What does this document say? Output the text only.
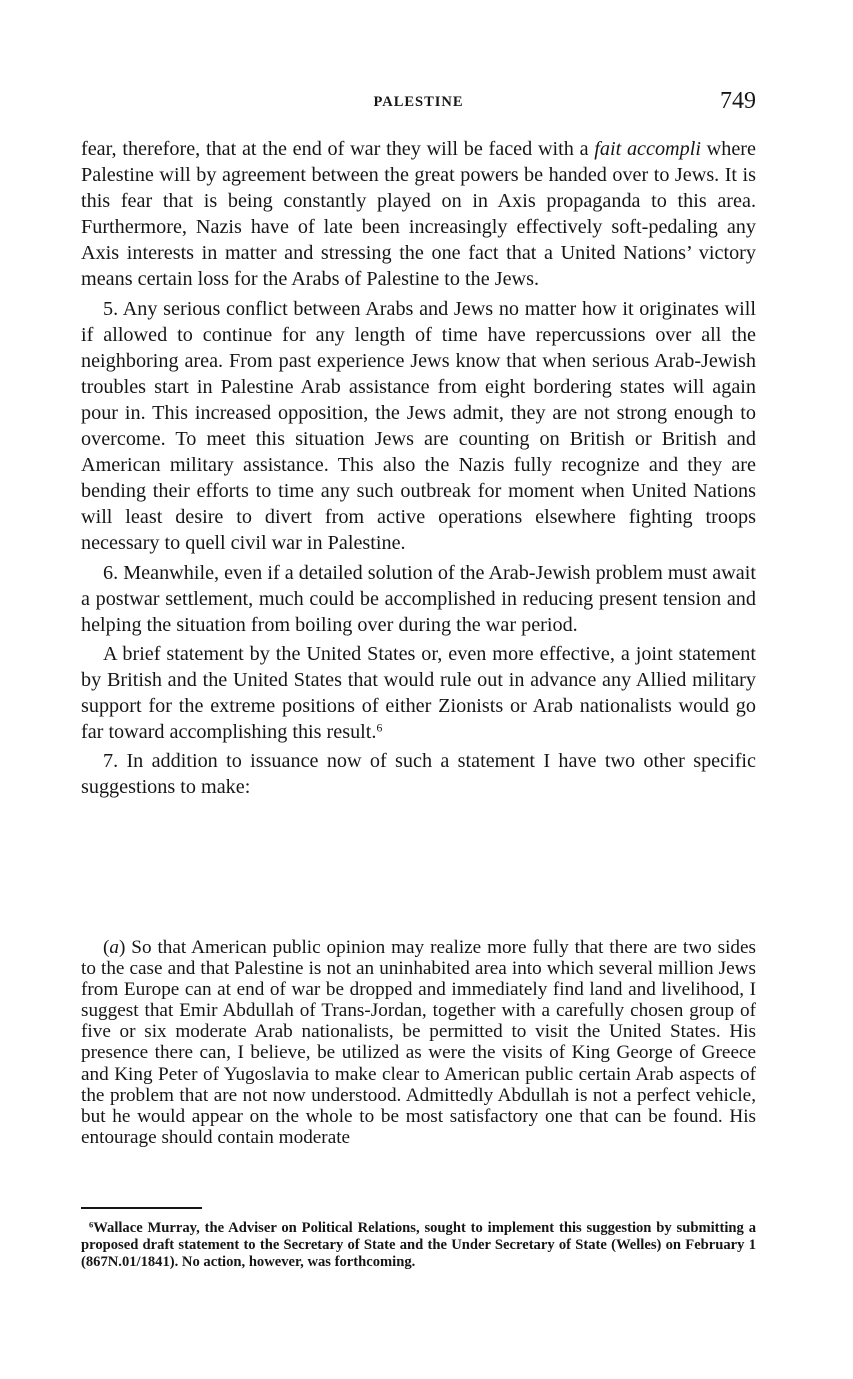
PALESTINE	749

fear, therefore, that at the end of war they will be faced with a fait accompli where Palestine will by agreement between the great powers be handed over to Jews. It is this fear that is being constantly played on in Axis propaganda to this area. Furthermore, Nazis have of late been increasingly effectively soft-pedaling any Axis interests in matter and stressing the one fact that a United Nations’ victory means certain loss for the Arabs of Palestine to the Jews.

5. Any serious conflict between Arabs and Jews no matter how it originates will if allowed to continue for any length of time have repercussions over all the neighboring area. From past experience Jews know that when serious Arab-Jewish troubles start in Palestine Arab assistance from eight bordering states will again pour in. This increased opposition, the Jews admit, they are not strong enough to overcome. To meet this situation Jews are counting on British or British and American military assistance. This also the Nazis fully recognize and they are bending their efforts to time any such outbreak for moment when United Nations will least desire to divert from active operations elsewhere fighting troops necessary to quell civil war in Palestine.

6. Meanwhile, even if a detailed solution of the Arab-Jewish problem must await a postwar settlement, much could be accomplished in reducing present tension and helping the situation from boiling over during the war period.

A brief statement by the United States or, even more effective, a joint statement by British and the United States that would rule out in advance any Allied military support for the extreme positions of either Zionists or Arab nationalists would go far toward accomplishing this result.$^6$

7. In addition to issuance now of such a statement I have two other specific suggestions to make:

(a) So that American public opinion may realize more fully that there are two sides to the case and that Palestine is not an uninhabited area into which several million Jews from Europe can at end of war be dropped and immediately find land and livelihood, I suggest that Emir Abdullah of Trans-Jordan, together with a carefully chosen group of five or six moderate Arab nationalists, be permitted to visit the United States. His presence there can, I believe, be utilized as were the visits of King George of Greece and King Peter of Yugoslavia to make clear to American public certain Arab aspects of the problem that are not now understood. Admittedly Abdullah is not a perfect vehicle, but he would appear on the whole to be most satisfactory one that can be found. His entourage should contain moderate

$^6$Wallace Murray, the Adviser on Political Relations, sought to implement this suggestion by submitting a proposed draft statement to the Secretary of State and the Under Secretary of State (Welles) on February 1 (867N.01/1841). No action, however, was forthcoming.
